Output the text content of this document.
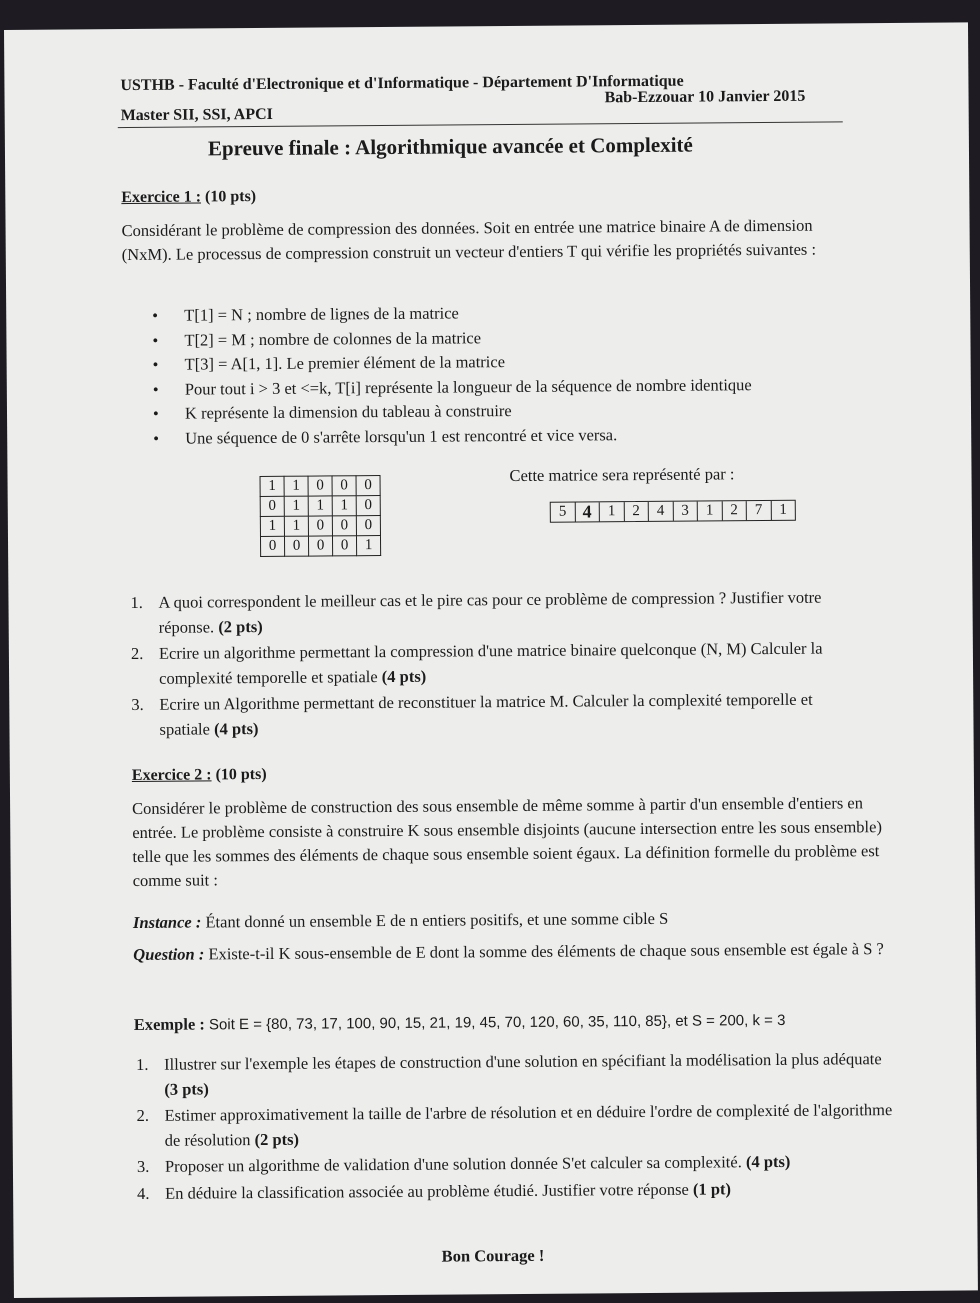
USTHB - Faculté d'Electronique et d'Informatique - Département D'Informatique
Master SII, SSI, APCI
Bab-Ezzouar 10 Janvier 2015
Epreuve finale : Algorithmique avancée et Complexité
Exercice 1 : (10 pts)
Considérant le problème de compression des données. Soit en entrée une matrice binaire A de dimension (NxM). Le processus de compression construit un vecteur d'entiers T qui vérifie les propriétés suivantes :
• T[1] = N ; nombre de lignes de la matrice
• T[2] = M ; nombre de colonnes de la matrice
• T[3] = A[1, 1]. Le premier élément de la matrice
• Pour tout i > 3 et <=k, T[i] représente la longueur de la séquence de nombre identique
• K représente la dimension du tableau à construire
• Une séquence de 0 s'arrête lorsqu'un 1 est rencontré et vice versa.
1	1	0	0	0
0	1	1	1	0
1	1	0	0	0
0	0	0	0	1
Cette matrice sera représenté par :
5 4	1	2	4	3	1	2	7	1
1. A quoi correspondent le meilleur cas et le pire cas pour ce problème de compression ? Justifier votre réponse. (2 pts)
2. Ecrire un algorithme permettant la compression d'une matrice binaire quelconque (N, M) Calculer la complexité temporelle et spatiale (4 pts)
3. Ecrire un Algorithme permettant de reconstituer la matrice M. Calculer la complexité temporelle et spatiale (4 pts)
Exercice 2 : (10 pts)
Considérer le problème de construction des sous ensemble de même somme à partir d'un ensemble d'entiers en entrée. Le problème consiste à construire K sous ensemble disjoints (aucune intersection entre les sous ensemble) telle que les sommes des éléments de chaque sous ensemble soient égaux. La définition formelle du problème est comme suit :
Instance : Étant donné un ensemble E de n entiers positifs, et une somme cible S
Question : Existe-t-il K sous-ensemble de E dont la somme des éléments de chaque sous ensemble est égale à S ?
Exemple : Soit E = {80, 73, 17, 100, 90, 15, 21, 19, 45, 70, 120, 60, 35, 110, 85}, et S = 200, k = 3
1. Illustrer sur l'exemple les étapes de construction d'une solution en spécifiant la modélisation la plus adéquate (3 pts)
2. Estimer approximativement la taille de l'arbre de résolution et en déduire l'ordre de complexité de l'algorithme de résolution (2 pts)
3. Proposer un algorithme de validation d'une solution donnée S'et calculer sa complexité. (4 pts)
4. En déduire la classification associée au problème étudié. Justifier votre réponse (1 pt)
Bon Courage !
